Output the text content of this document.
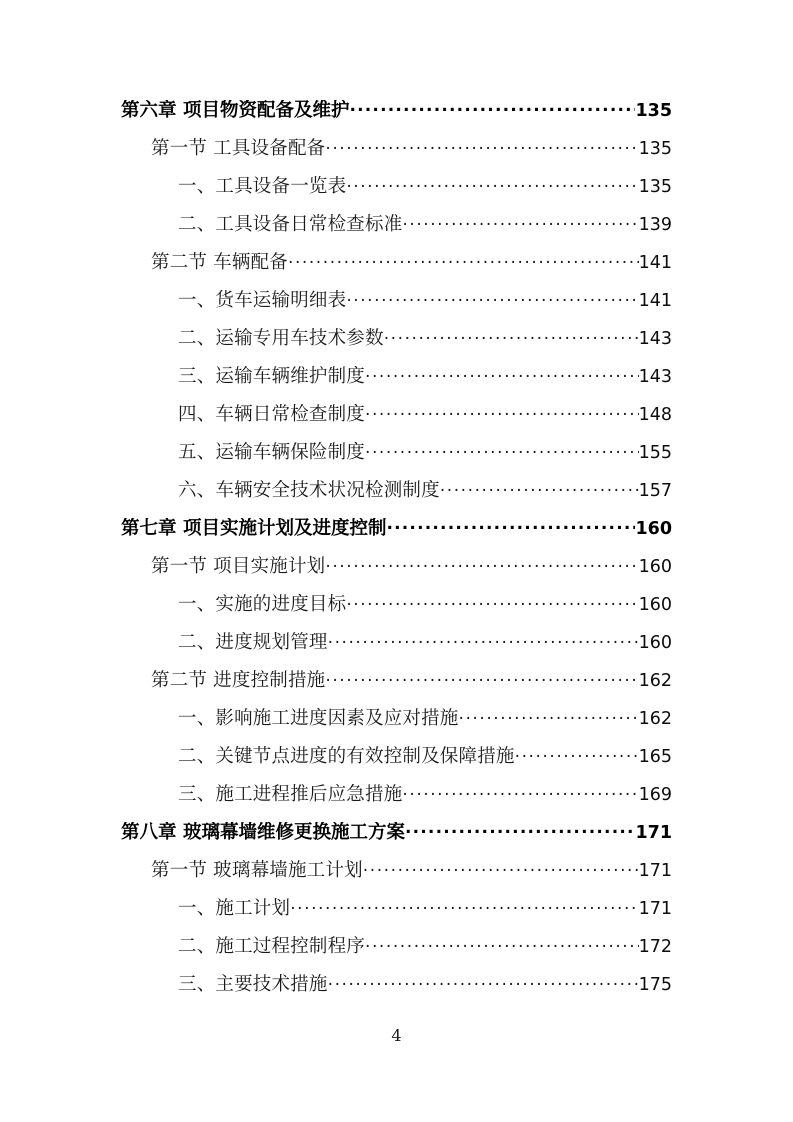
第六章 项目物资配备及维护 .....	135
第一节 工具设备配备 .....	135
一、工具设备一览表 .....	135
二、工具设备日常检查标准 .....	139
第二节 车辆配备 .....	141
一、货车运输明细表 .....	141
二、运输专用车技术参数 .....	143
三、运输车辆维护制度 .....	143
四、车辆日常检查制度 .....	148
五、运输车辆保险制度 .....	155
六、车辆安全技术状况检测制度 .....	157
第七章 项目实施计划及进度控制 .....	160
第一节 项目实施计划 .....	160
一、实施的进度目标 .....	160
二、进度规划管理 .....	160
第二节 进度控制措施 .....	162
一、影响施工进度因素及应对措施 .....	162
二、关键节点进度的有效控制及保障措施 .....	165
三、施工进程推后应急措施 .....	169
第八章 玻璃幕墙维修更换施工方案 .....	171
第一节 玻璃幕墙施工计划 .....	171
一、施工计划 .....	171
二、施工过程控制程序 .....	172
三、主要技术措施 .....	175
4
